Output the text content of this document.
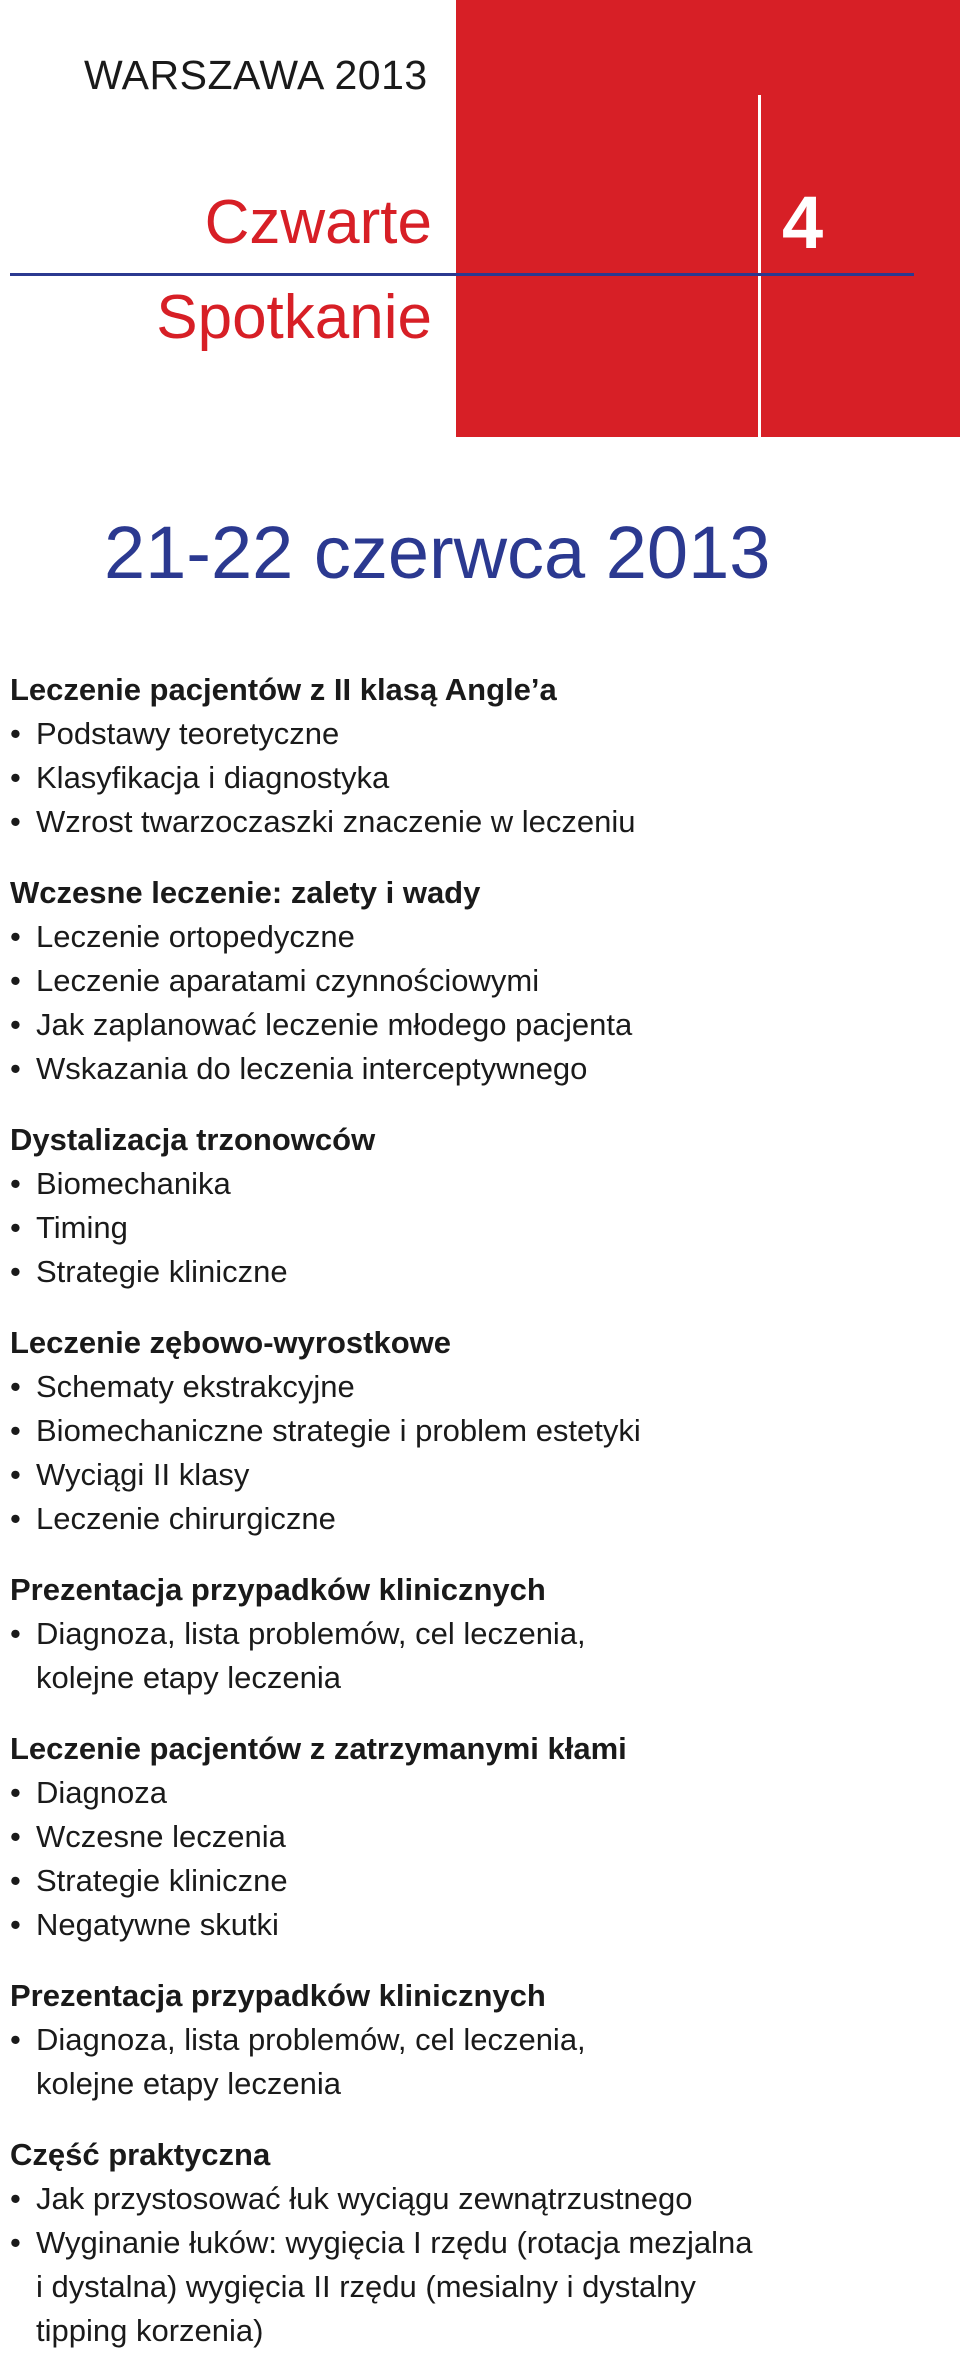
WARSZAWA 2013
Czwarte
Spotkanie
4
21-22 czerwca 2013
Leczenie pacjentów z II klasą Angle’a
• Podstawy teoretyczne
• Klasyfikacja i diagnostyka
• Wzrost twarzoczaszki znaczenie w leczeniu
Wczesne leczenie: zalety i wady
• Leczenie ortopedyczne
• Leczenie aparatami czynnościowymi
• Jak zaplanować leczenie młodego pacjenta
• Wskazania do leczenia interceptywnego
Dystalizacja trzonowców
• Biomechanika
• Timing
• Strategie kliniczne
Leczenie zębowo-wyrostkowe
• Schematy ekstrakcyjne
• Biomechaniczne strategie i problem estetyki
• Wyciągi II klasy
• Leczenie chirurgiczne
Prezentacja przypadków klinicznych
• Diagnoza, lista problemów, cel leczenia,
kolejne etapy leczenia
Leczenie pacjentów z zatrzymanymi kłami
• Diagnoza
• Wczesne leczenia
• Strategie kliniczne
• Negatywne skutki
Prezentacja przypadków klinicznych
• Diagnoza, lista problemów, cel leczenia,
kolejne etapy leczenia
Część praktyczna
• Jak przystosować łuk wyciągu zewnątrzustnego
• Wyginanie łuków: wygięcia I rzędu (rotacja mezjalna
i dystalna) wygięcia II rzędu (mesialny i dystalny
tipping korzenia)
